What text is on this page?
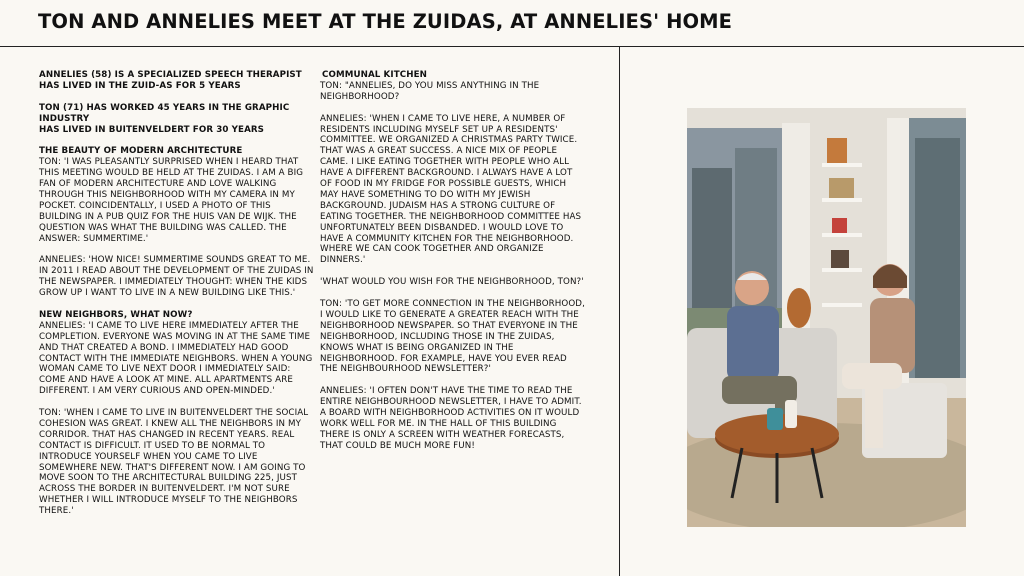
TON AND ANNELIES MEET AT THE ZUIDAS, AT ANNELIES' HOME
ANNELIES (58) IS A SPECIALIZED SPEECH THERAPIST
HAS LIVED IN THE ZUID-AS FOR 5 YEARS
TON (71) HAS WORKED 45 YEARS IN THE GRAPHIC INDUSTRY
HAS LIVED IN BUITENVELDERT FOR 30 YEARS
THE BEAUTY OF MODERN ARCHITECTURE
TON: 'I WAS PLEASANTLY SURPRISED WHEN I HEARD THAT THIS MEETING WOULD BE HELD AT THE ZUIDAS. I AM A BIG FAN OF MODERN ARCHITECTURE AND LOVE WALKING THROUGH THIS NEIGHBORHOOD WITH MY CAMERA IN MY POCKET. COINCIDENTALLY, I USED A PHOTO OF THIS BUILDING IN A PUB QUIZ FOR THE HUIS VAN DE WIJK. THE QUESTION WAS WHAT THE BUILDING WAS CALLED. THE ANSWER: SUMMERTIME.'
ANNELIES: 'HOW NICE! SUMMERTIME SOUNDS GREAT TO ME. IN 2011 I READ ABOUT THE DEVELOPMENT OF THE ZUIDAS IN THE NEWSPAPER. I IMMEDIATELY THOUGHT: WHEN THE KIDS GROW UP I WANT TO LIVE IN A NEW BUILDING LIKE THIS.'
NEW NEIGHBORS, WHAT NOW?
ANNELIES: 'I CAME TO LIVE HERE IMMEDIATELY AFTER THE COMPLETION. EVERYONE WAS MOVING IN AT THE SAME TIME AND THAT CREATED A BOND. I IMMEDIATELY HAD GOOD CONTACT WITH THE IMMEDIATE NEIGHBORS. WHEN A YOUNG WOMAN CAME TO LIVE NEXT DOOR I IMMEDIATELY SAID: COME AND HAVE A LOOK AT MINE. ALL APARTMENTS ARE DIFFERENT. I AM VERY CURIOUS AND OPEN-MINDED.'
TON: 'WHEN I CAME TO LIVE IN BUITENVELDERT THE SOCIAL COHESION WAS GREAT. I KNEW ALL THE NEIGHBORS IN MY CORRIDOR. THAT HAS CHANGED IN RECENT YEARS. REAL CONTACT IS DIFFICULT. IT USED TO BE NORMAL TO INTRODUCE YOURSELF WHEN YOU CAME TO LIVE SOMEWHERE NEW. THAT'S DIFFERENT NOW. I AM GOING TO MOVE SOON TO THE ARCHITECTURAL BUILDING 225, JUST ACROSS THE BORDER IN BUITENVELDERT. I'M NOT SURE WHETHER I WILL INTRODUCE MYSELF TO THE NEIGHBORS THERE.'
COMMUNAL KITCHEN
TON: "ANNELIES, DO YOU MISS ANYTHING IN THE NEIGHBORHOOD?
ANNELIES: 'WHEN I CAME TO LIVE HERE, A NUMBER OF RESIDENTS INCLUDING MYSELF SET UP A RESIDENTS' COMMITTEE. WE ORGANIZED A CHRISTMAS PARTY TWICE. THAT WAS A GREAT SUCCESS. A NICE MIX OF PEOPLE CAME. I LIKE EATING TOGETHER WITH PEOPLE WHO ALL HAVE A DIFFERENT BACKGROUND. I ALWAYS HAVE A LOT OF FOOD IN MY FRIDGE FOR POSSIBLE GUESTS, WHICH MAY HAVE SOMETHING TO DO WITH MY JEWISH BACKGROUND. JUDAISM HAS A STRONG CULTURE OF EATING TOGETHER. THE NEIGHBORHOOD COMMITTEE HAS UNFORTUNATELY BEEN DISBANDED. I WOULD LOVE TO HAVE A COMMUNITY KITCHEN FOR THE NEIGHBORHOOD. WHERE WE CAN COOK TOGETHER AND ORGANIZE DINNERS.'
'WHAT WOULD YOU WISH FOR THE NEIGHBORHOOD, TON?'
TON: 'TO GET MORE CONNECTION IN THE NEIGHBORHOOD, I WOULD LIKE TO GENERATE A GREATER REACH WITH THE NEIGHBORHOOD NEWSPAPER. SO THAT EVERYONE IN THE NEIGHBORHOOD, INCLUDING THOSE IN THE ZUIDAS, KNOWS WHAT IS BEING ORGANIZED IN THE NEIGHBORHOOD. FOR EXAMPLE, HAVE YOU EVER READ THE NEIGHBOURHOOD NEWSLETTER?'
ANNELIES: 'I OFTEN DON'T HAVE THE TIME TO READ THE ENTIRE NEIGHBOURHOOD NEWSLETTER, I HAVE TO ADMIT. A BOARD WITH NEIGHBORHOOD ACTIVITIES ON IT WOULD WORK WELL FOR ME. IN THE HALL OF THIS BUILDING THERE IS ONLY A SCREEN WITH WEATHER FORECASTS, THAT COULD BE MUCH MORE FUN!
